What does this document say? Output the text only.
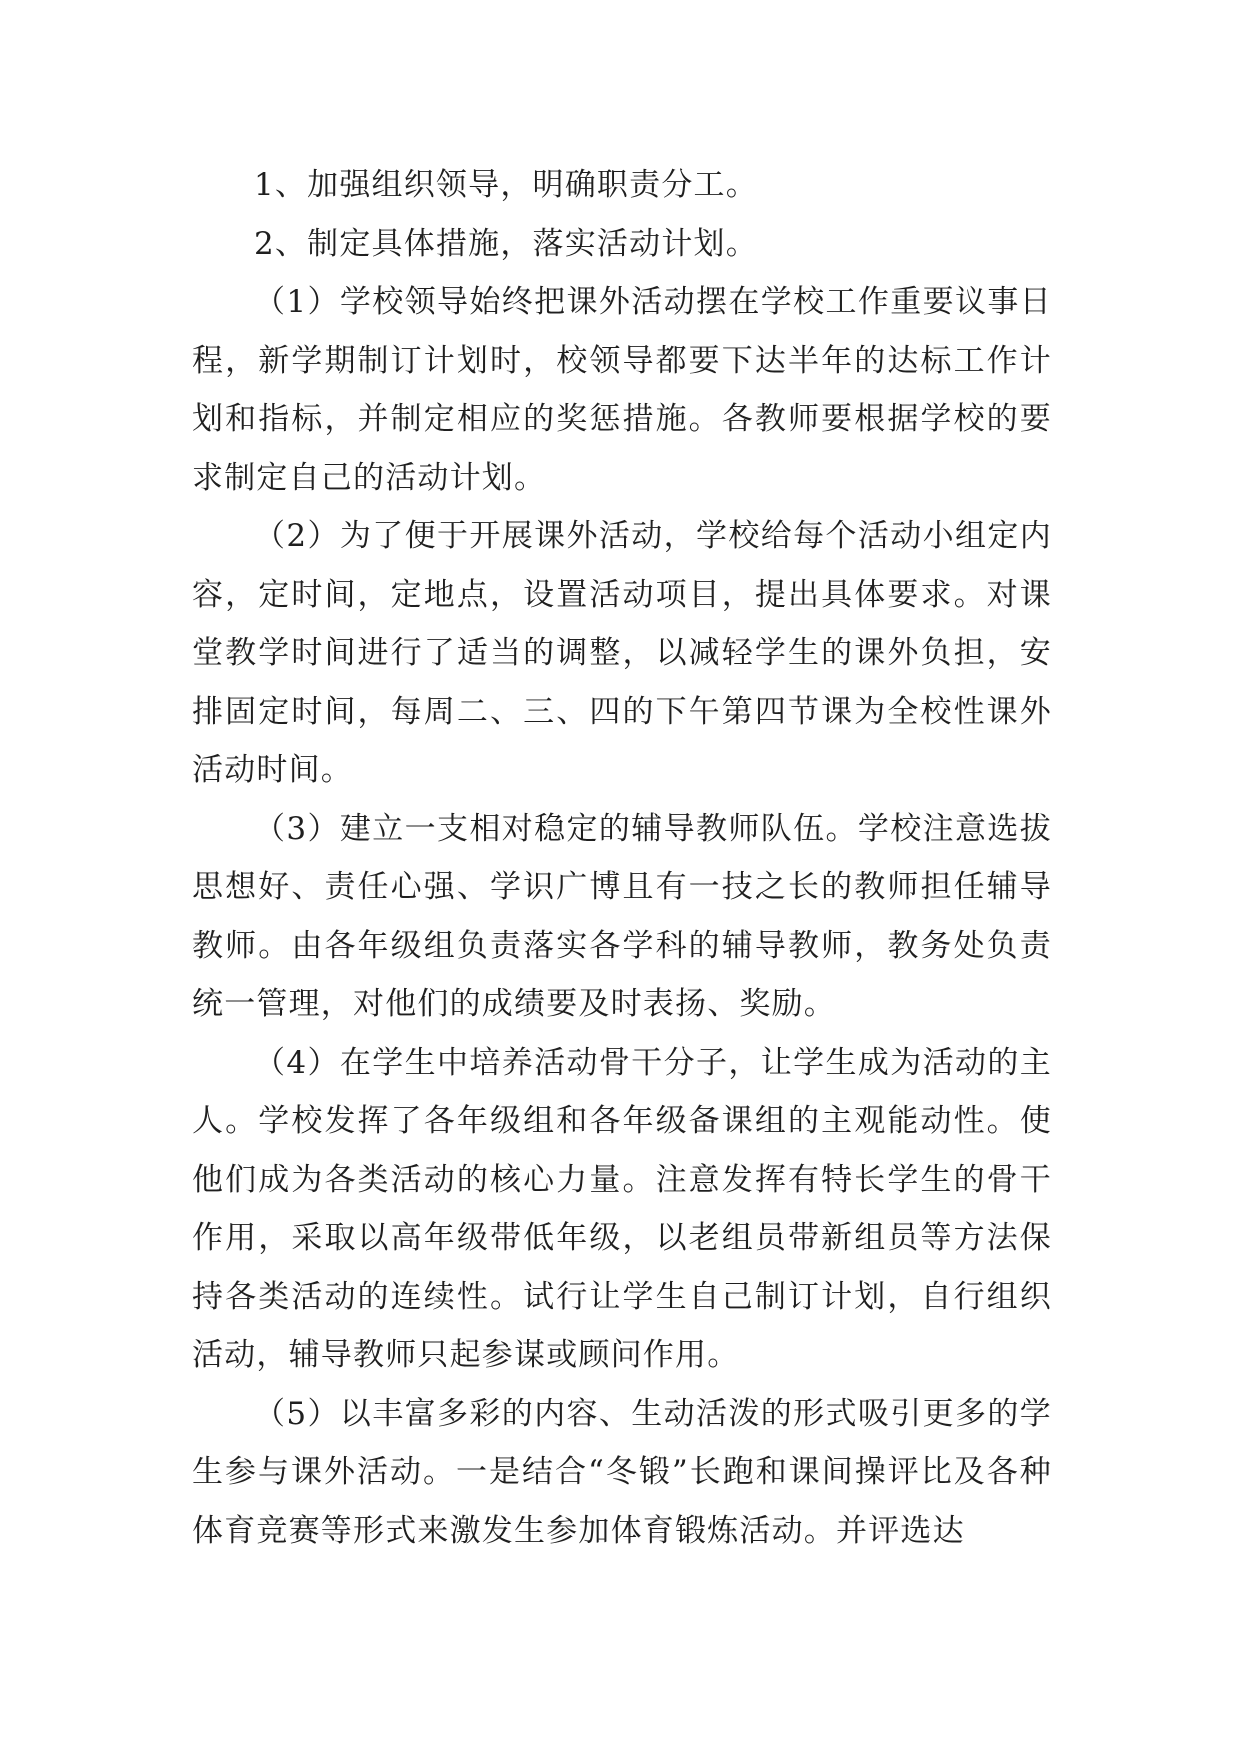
1、加强组织领导，明确职责分工。

2、制定具体措施，落实活动计划。

（1）学校领导始终把课外活动摆在学校工作重要议事日程，新学期制订计划时，校领导都要下达半年的达标工作计划和指标，并制定相应的奖惩措施。各教师要根据学校的要求制定自己的活动计划。

（2）为了便于开展课外活动，学校给每个活动小组定内容，定时间，定地点，设置活动项目，提出具体要求。对课堂教学时间进行了适当的调整，以减轻学生的课外负担，安排固定时间，每周二、三、四的下午第四节课为全校性课外活动时间。

（3）建立一支相对稳定的辅导教师队伍。学校注意选拔思想好、责任心强、学识广博且有一技之长的教师担任辅导教师。由各年级组负责落实各学科的辅导教师，教务处负责统一管理，对他们的成绩要及时表扬、奖励。

（4）在学生中培养活动骨干分子，让学生成为活动的主人。学校发挥了各年级组和各年级备课组的主观能动性。使他们成为各类活动的核心力量。注意发挥有特长学生的骨干作用，采取以高年级带低年级，以老组员带新组员等方法保持各类活动的连续性。试行让学生自己制订计划，自行组织活动，辅导教师只起参谋或顾问作用。

（5）以丰富多彩的内容、生动活泼的形式吸引更多的学生参与课外活动。一是结合“冬锻”长跑和课间操评比及各种体育竞赛等形式来激发生参加体育锻炼活动。并评选达
